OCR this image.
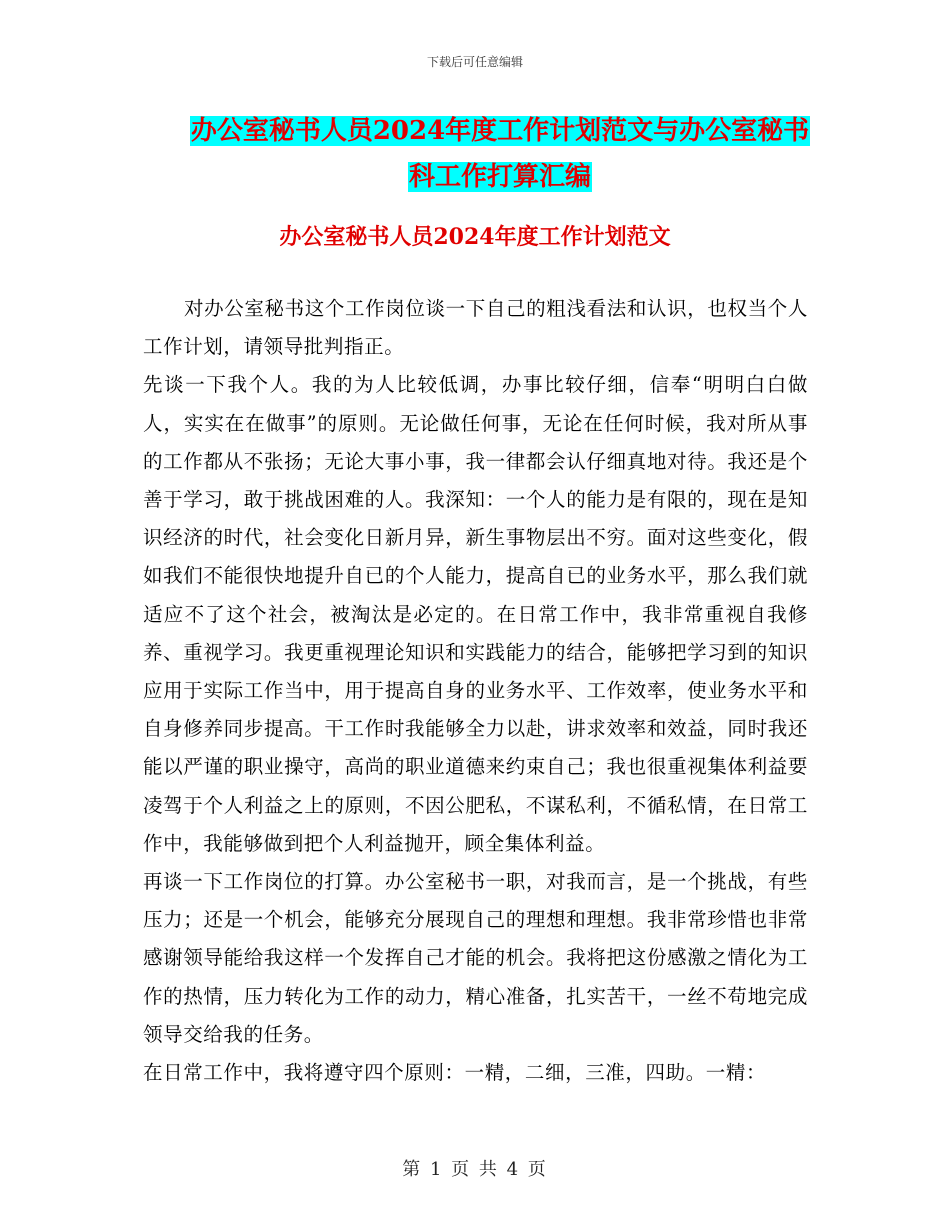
下载后可任意编辑
办公室秘书人员2024年度工作计划范文与办公室秘书
科工作打算汇编
办公室秘书人员2024年度工作计划范文

对办公室秘书这个工作岗位谈一下自己的粗浅看法和认识，也权当个人工作计划，请领导批判指正。

先谈一下我个人。我的为人比较低调，办事比较仔细，信奉“明明白白做人，实实在在做事”的原则。无论做任何事，无论在任何时候，我对所从事的工作都从不张扬；无论大事小事，我一律都会认仔细真地对待。我还是个善于学习，敢于挑战困难的人。我深知：一个人的能力是有限的，现在是知识经济的时代，社会变化日新月异，新生事物层出不穷。面对这些变化，假如我们不能很快地提升自已的个人能力，提高自已的业务水平，那么我们就适应不了这个社会，被淘汰是必定的。在日常工作中，我非常重视自我修养、重视学习。我更重视理论知识和实践能力的结合，能够把学习到的知识应用于实际工作当中，用于提高自身的业务水平、工作效率，使业务水平和自身修养同步提高。干工作时我能够全力以赴，讲求效率和效益，同时我还能以严谨的职业操守，高尚的职业道德来约束自己；我也很重视集体利益要凌驾于个人利益之上的原则，不因公肥私，不谋私利，不循私情，在日常工作中，我能够做到把个人利益抛开，顾全集体利益。

再谈一下工作岗位的打算。办公室秘书一职，对我而言，是一个挑战，有些压力；还是一个机会，能够充分展现自己的理想和理想。我非常珍惜也非常感谢领导能给我这样一个发挥自己才能的机会。我将把这份感激之情化为工作的热情，压力转化为工作的动力，精心准备，扎实苦干，一丝不苟地完成领导交给我的任务。

在日常工作中，我将遵守四个原则：一精，二细，三准，四助。一精：

第 1 页 共 4 页
